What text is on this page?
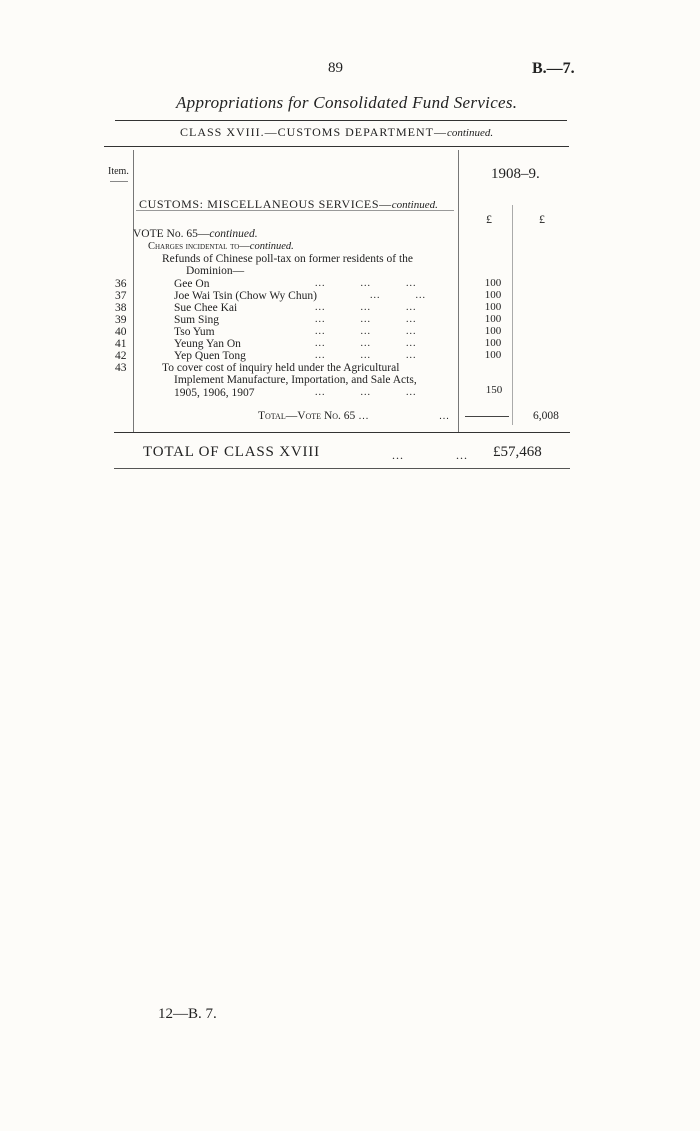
89	B.—7.
Appropriations for Consolidated Fund Services.
CLASS XVIII.—CUSTOMS DEPARTMENT—continued.
Item.	1908–9.
CUSTOMS: MISCELLANEOUS SERVICES—continued.
£	£
VOTE No. 65—continued.
Charges incidental to—continued.
Refunds of Chinese poll-tax on former residents of the
Dominion—
36	Gee On	...          ...          ...	100
37	Joe Wai Tsin (Chow Wy Chun)	...          ...	100
38	Sue Chee Kai	...          ...          ...	100
39	Sum Sing	...          ...          ...	100
40	Tso Yum	...          ...          ...	100
41	Yeung Yan On	...          ...          ...	100
42	Yep Quen Tong	...          ...          ...	100
43	To cover cost of inquiry held under the Agricultural
Implement Manufacture, Importation, and Sale Acts,
1905, 1906, 1907	...          ...          ...	150
Total—Vote No. 65 ...                    ...	6,008
TOTAL OF CLASS XVIII	...             ... £57,468
12—B. 7.
